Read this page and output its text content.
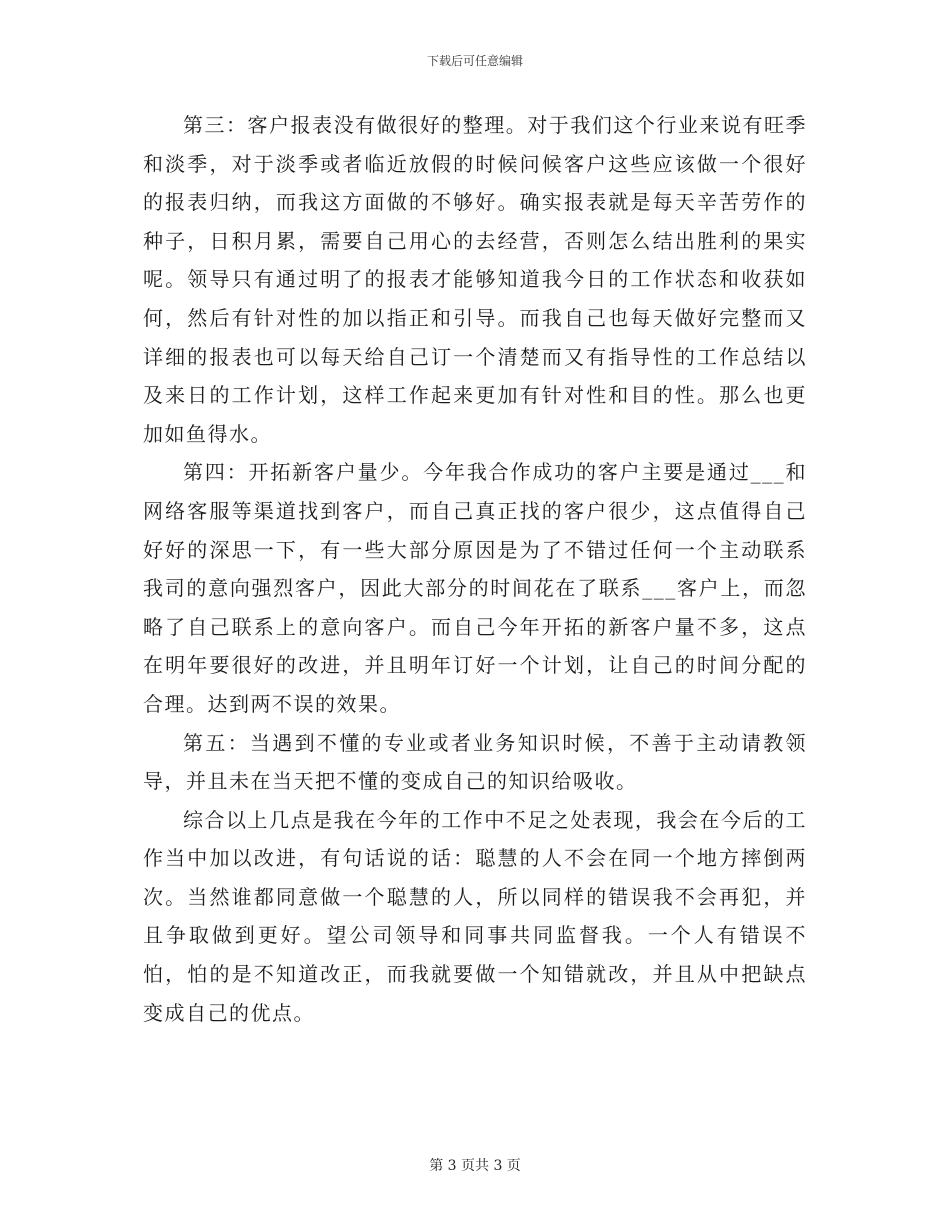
下载后可任意编辑

第三：客户报表没有做很好的整理。对于我们这个行业来说有旺季和淡季，对于淡季或者临近放假的时候问候客户这些应该做一个很好的报表归纳，而我这方面做的不够好。确实报表就是每天辛苦劳作的种子，日积月累，需要自己用心的去经营，否则怎么结出胜利的果实呢。领导只有通过明了的报表才能够知道我今日的工作状态和收获如何，然后有针对性的加以指正和引导。而我自己也每天做好完整而又详细的报表也可以每天给自己订一个清楚而又有指导性的工作总结以及来日的工作计划，这样工作起来更加有针对性和目的性。那么也更加如鱼得水。

第四：开拓新客户量少。今年我合作成功的客户主要是通过___和网络客服等渠道找到客户，而自己真正找的客户很少，这点值得自己好好的深思一下，有一些大部分原因是为了不错过任何一个主动联系我司的意向强烈客户，因此大部分的时间花在了联系___客户上，而忽略了自己联系上的意向客户。而自己今年开拓的新客户量不多，这点在明年要很好的改进，并且明年订好一个计划，让自己的时间分配的合理。达到两不误的效果。

第五：当遇到不懂的专业或者业务知识时候，不善于主动请教领导，并且未在当天把不懂的变成自己的知识给吸收。

综合以上几点是我在今年的工作中不足之处表现，我会在今后的工作当中加以改进，有句话说的话：聪慧的人不会在同一个地方摔倒两次。当然谁都同意做一个聪慧的人，所以同样的错误我不会再犯，并且争取做到更好。望公司领导和同事共同监督我。一个人有错误不怕，怕的是不知道改正，而我就要做一个知错就改，并且从中把缺点变成自己的优点。

第 3 页共 3 页
